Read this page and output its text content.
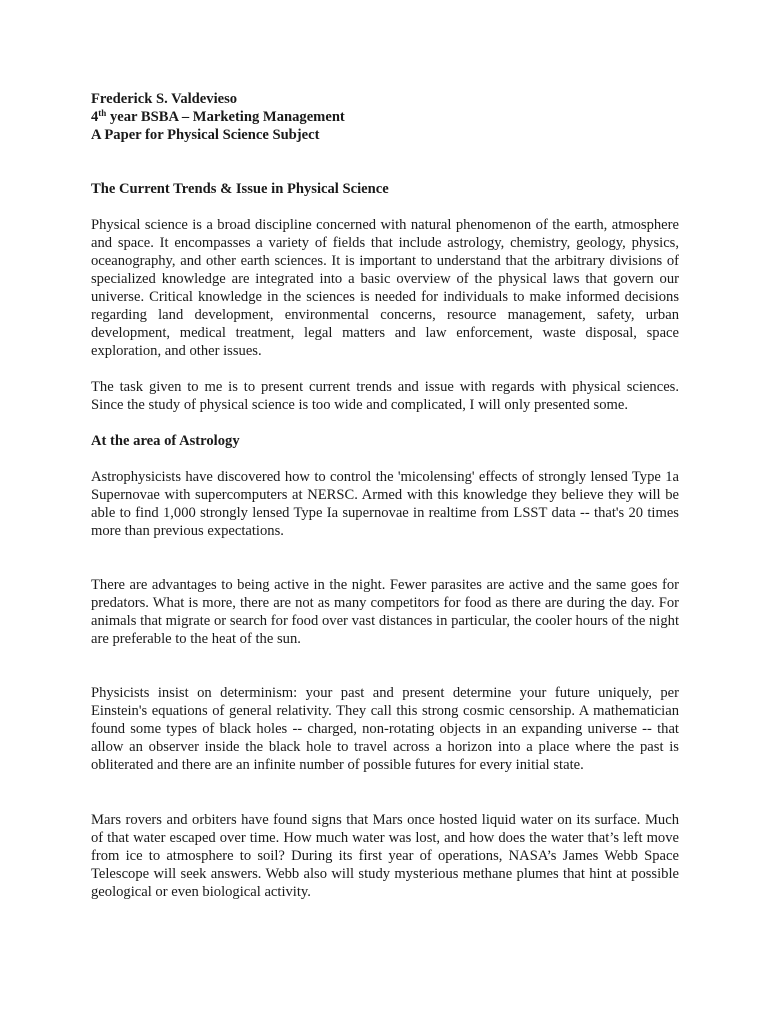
Frederick S. Valdevieso
4th year BSBA – Marketing Management
A Paper for Physical Science Subject
The Current Trends & Issue in Physical Science

Physical science is a broad discipline concerned with natural phenomenon of the earth, atmosphere and space. It encompasses a variety of fields that include astrology, chemistry, geology, physics, oceanography, and other earth sciences. It is important to understand that the arbitrary divisions of specialized knowledge are integrated into a basic overview of the physical laws that govern our universe. Critical knowledge in the sciences is needed for individuals to make informed decisions regarding land development, environmental concerns, resource management, safety, urban development, medical treatment, legal matters and law enforcement, waste disposal, space exploration, and other issues.

The task given to me is to present current trends and issue with regards with physical sciences. Since the study of physical science is too wide and complicated, I will only presented some.

At the area of Astrology

Astrophysicists have discovered how to control the 'micolensing' effects of strongly lensed Type 1a Supernovae with supercomputers at NERSC. Armed with this knowledge they believe they will be able to find 1,000 strongly lensed Type Ia supernovae in realtime from LSST data -- that's 20 times more than previous expectations.

There are advantages to being active in the night. Fewer parasites are active and the same goes for predators. What is more, there are not as many competitors for food as there are during the day. For animals that migrate or search for food over vast distances in particular, the cooler hours of the night are preferable to the heat of the sun.

Physicists insist on determinism: your past and present determine your future uniquely, per Einstein's equations of general relativity. They call this strong cosmic censorship. A mathematician found some types of black holes -- charged, non-rotating objects in an expanding universe -- that allow an observer inside the black hole to travel across a horizon into a place where the past is obliterated and there are an infinite number of possible futures for every initial state.

Mars rovers and orbiters have found signs that Mars once hosted liquid water on its surface. Much of that water escaped over time. How much water was lost, and how does the water that’s left move from ice to atmosphere to soil? During its first year of operations, NASA’s James Webb Space Telescope will seek answers. Webb also will study mysterious methane plumes that hint at possible geological or even biological activity.
